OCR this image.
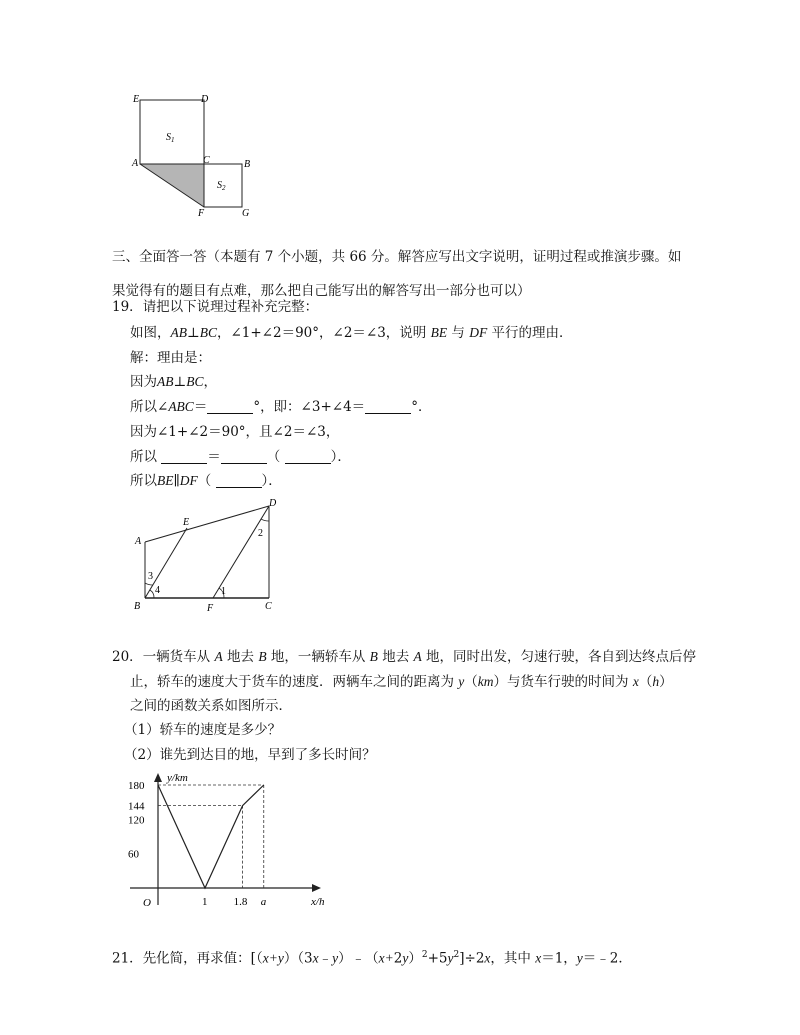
E	D
A	C	B
F	G
$S_1$
$S_2$
三、全面答一答（本题有 7 个小题，共 66 分。解答应写出文字说明，证明过程或推演步骤。如
果觉得有的题目有点难，那么把自己能写出的解答写出一部分也可以）
19．请把以下说理过程补充完整：
如图，AB⊥BC，∠1+∠2＝90°，∠2＝∠3，说明 BE 与 DF 平行的理由．
解：理由是：
因为AB⊥BC，
所以∠ABC＝	°，即：∠3+∠4＝	°．
因为∠1+∠2＝90°，且∠2＝∠3，
所以	＝	（	）．
所以BE∥DF（	）．
A
E
D
B	F	C
1
2
3
4
20．一辆货车从 A 地去 B 地，一辆轿车从 B 地去 A 地，同时出发，匀速行驶，各自到达终点后停
止，轿车的速度大于货车的速度．两辆车之间的距离为 y（km）与货车行驶的时间为 x（h）
之间的函数关系如图所示．
（1）轿车的速度是多少？
（2）谁先到达目的地，早到了多长时间？
y/km
x/h
O
60
120
144
180
1 1.8 a
21．先化简，再求值：$[(x+y)(3x﹣y)﹣(x+2y)^2+5y^2]\div 2x$，其中 x＝1，y＝﹣2．
